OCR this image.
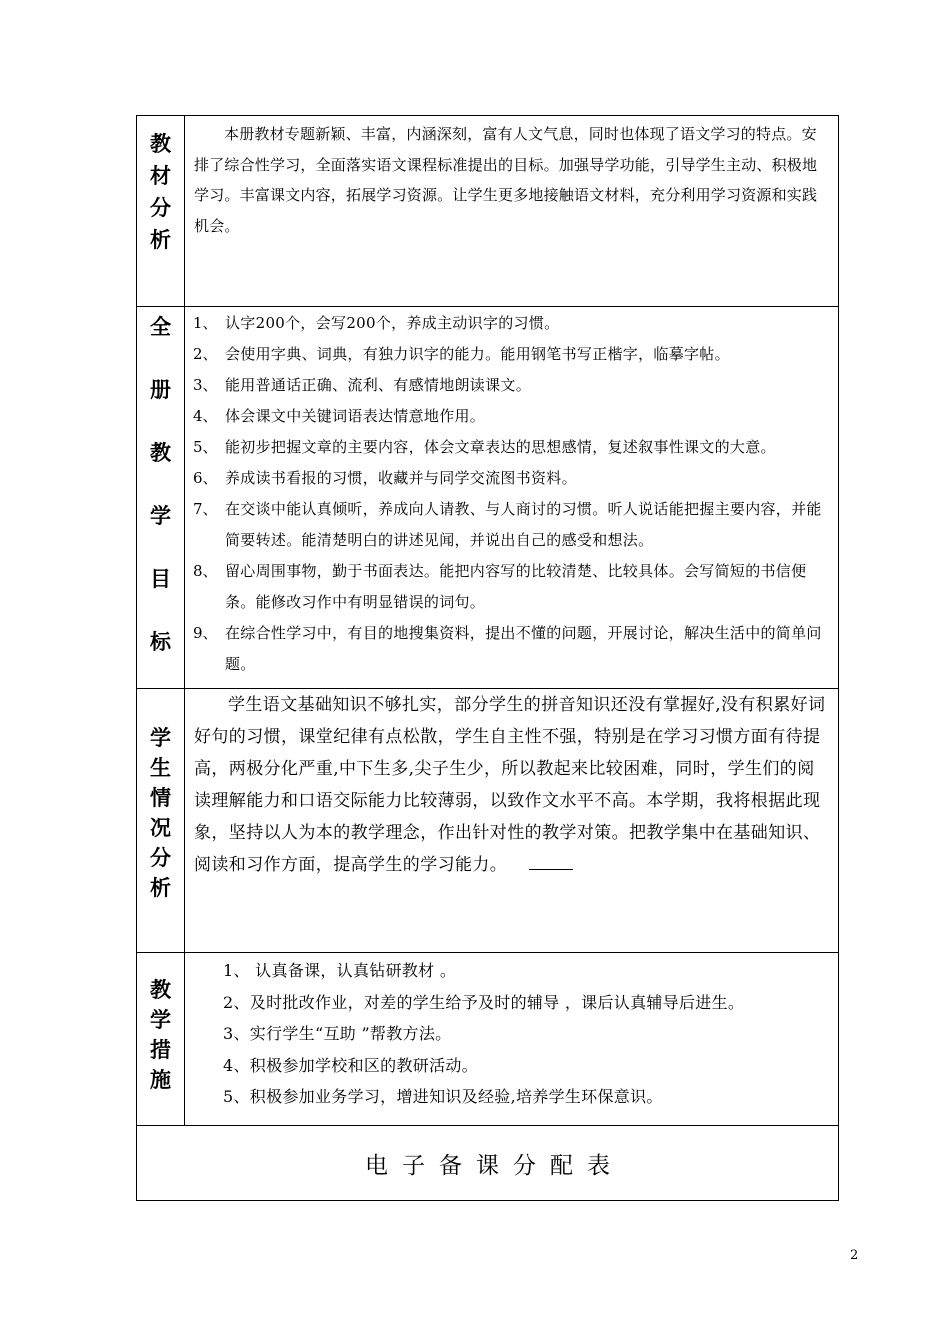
教
材
分
析

本册教材专题新颖、丰富，内涵深刻，富有人文气息，同时也体现了语文学习的特点。安排了综合性学习，全面落实语文课程标准提出的目标。加强导学功能，引导学生主动、积极地学习。丰富课文内容，拓展学习资源。让学生更多地接触语文材料，充分利用学习资源和实践机会。

全
册
教
学
目
标
1、 认字200个，会写200个，养成主动识字的习惯。
2、 会使用字典、词典，有独力识字的能力。能用钢笔书写正楷字，临摹字帖。
3、 能用普通话正确、流利、有感情地朗读课文。
4、 体会课文中关键词语表达情意地作用。
5、 能初步把握文章的主要内容，体会文章表达的思想感情，复述叙事性课文的大意。
6、 养成读书看报的习惯，收藏并与同学交流图书资料。
7、 在交谈中能认真倾听，养成向人请教、与人商讨的习惯。听人说话能把握主要内容，并能简要转述。能清楚明白的讲述见闻，并说出自己的感受和想法。
8、 留心周围事物，勤于书面表达。能把内容写的比较清楚、比较具体。会写简短的书信便条。能修改习作中有明显错误的词句。
9、 在综合性学习中，有目的地搜集资料，提出不懂的问题，开展讨论，解决生活中的简单问题。
学
生
情
况
分
析

学生语文基础知识不够扎实，部分学生的拼音知识还没有掌握好,没有积累好词好句的习惯，课堂纪律有点松散，学生自主性不强，特别是在学习习惯方面有待提高，两极分化严重,中下生多,尖子生少，所以教起来比较困难，同时，学生们的阅读理解能力和口语交际能力比较薄弱，以致作文水平不高。本学期，我将根据此现象，坚持以人为本的教学理念，作出针对性的教学对策。把教学集中在基础知识、阅读和习作方面，提高学生的学习能力。

教
学
措
施
1、 认真备课，认真钻研教材 。
2、及时批改作业，对差的学生给予及时的辅导 ，课后认真辅导后进生。
3、实行学生“互助 ”帮教方法。
4、积极参加学校和区的教研活动。
5、积极参加业务学习，增进知识及经验,培养学生环保意识。
电子备课分配表
2
